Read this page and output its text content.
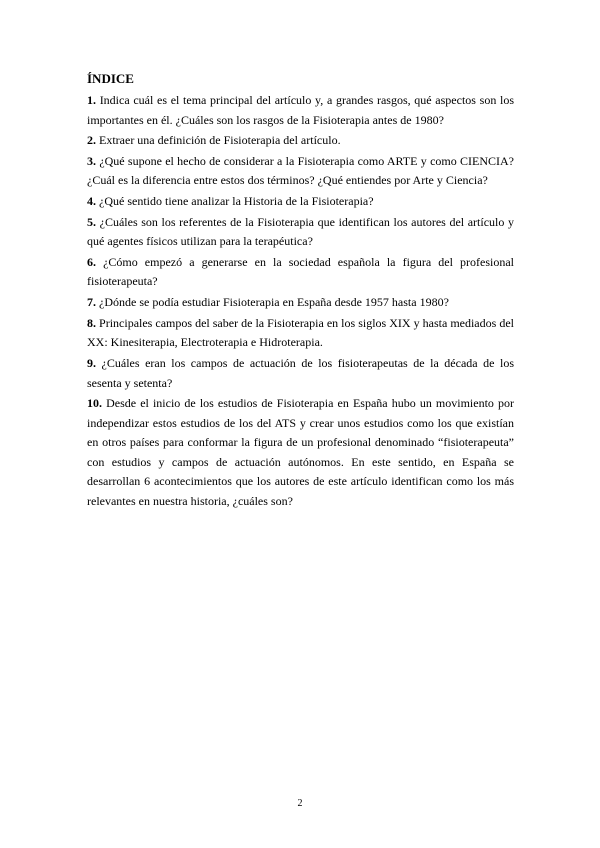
ÍNDICE
1. Indica cuál es el tema principal del artículo y, a grandes rasgos, qué aspectos son los importantes en él. ¿Cuáles son los rasgos de la Fisioterapia antes de 1980?
2. Extraer una definición de Fisioterapia del artículo.
3. ¿Qué supone el hecho de considerar a la Fisioterapia como ARTE y como CIENCIA? ¿Cuál es la diferencia entre estos dos términos? ¿Qué entiendes por Arte y Ciencia?
4. ¿Qué sentido tiene analizar la Historia de la Fisioterapia?
5. ¿Cuáles son los referentes de la Fisioterapia que identifican los autores del artículo y qué agentes físicos utilizan para la terapéutica?
6. ¿Cómo empezó a generarse en la sociedad española la figura del profesional fisioterapeuta?
7. ¿Dónde se podía estudiar Fisioterapia en España desde 1957 hasta 1980?
8. Principales campos del saber de la Fisioterapia en los siglos XIX y hasta mediados del XX: Kinesiterapia, Electroterapia e Hidroterapia.
9. ¿Cuáles eran los campos de actuación de los fisioterapeutas de la década de los sesenta y setenta?
10. Desde el inicio de los estudios de Fisioterapia en España hubo un movimiento por independizar estos estudios de los del ATS y crear unos estudios como los que existían en otros países para conformar la figura de un profesional denominado “fisioterapeuta” con estudios y campos de actuación autónomos. En este sentido, en España se desarrollan 6 acontecimientos que los autores de este artículo identifican como los más relevantes en nuestra historia, ¿cuáles son?
2
